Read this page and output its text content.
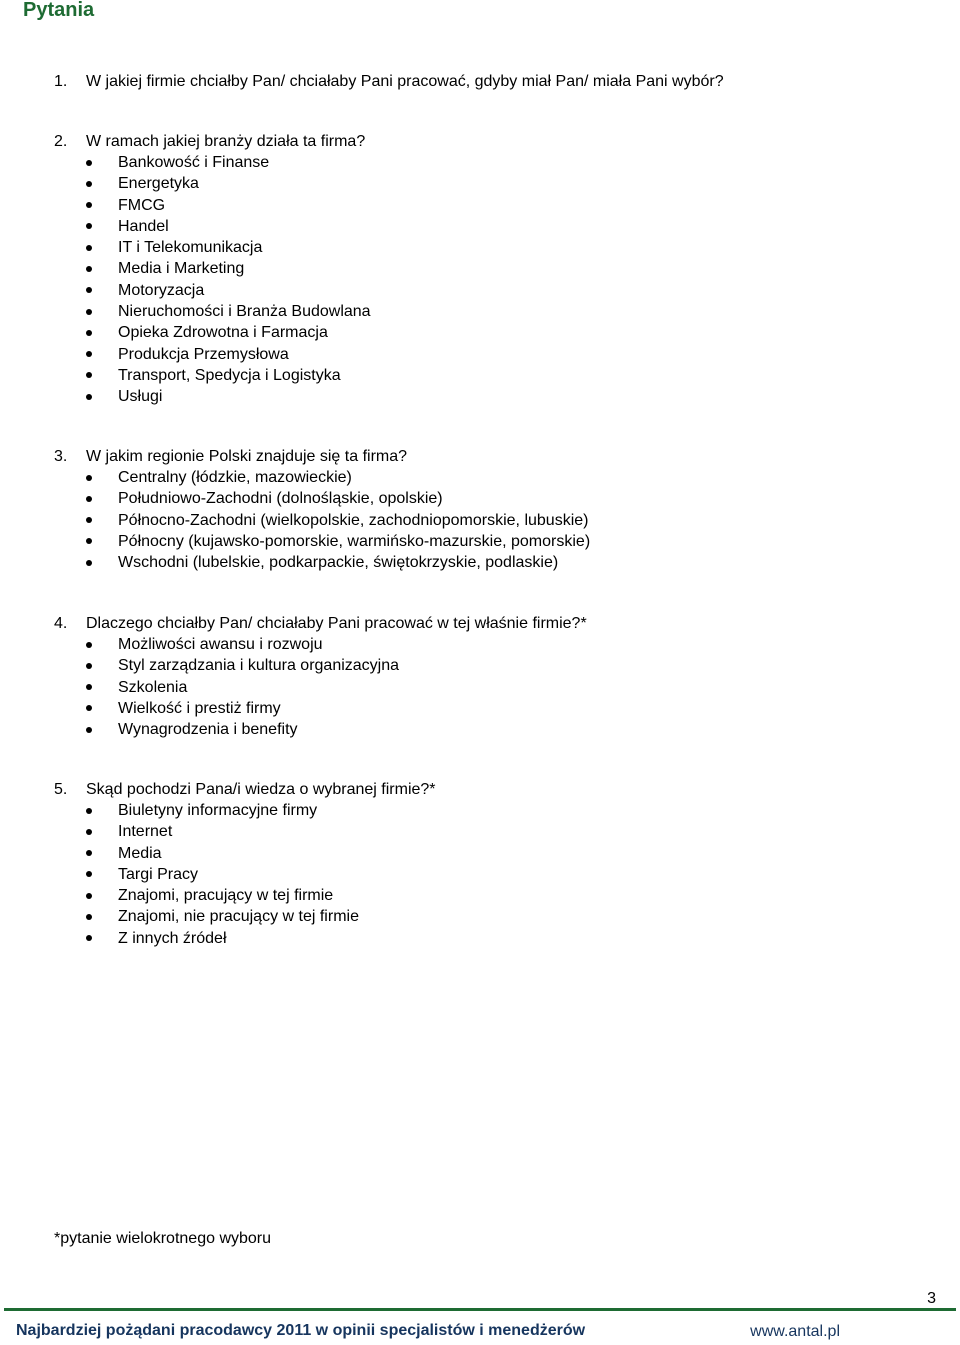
Pytania
1. W jakiej firmie chciałby Pan/ chciałaby Pani pracować, gdyby miał Pan/ miała Pani wybór?
2. W ramach jakiej branży działa ta firma?
Bankowość i Finanse
Energetyka
FMCG
Handel
IT i Telekomunikacja
Media i Marketing
Motoryzacja
Nieruchomości i Branża Budowlana
Opieka Zdrowotna i Farmacja
Produkcja Przemysłowa
Transport, Spedycja i Logistyka
Usługi
3. W jakim regionie Polski znajduje się ta firma?
Centralny (łódzkie, mazowieckie)
Południowo-Zachodni (dolnośląskie, opolskie)
Północno-Zachodni (wielkopolskie, zachodniopomorskie, lubuskie)
Północny (kujawsko-pomorskie, warmińsko-mazurskie, pomorskie)
Wschodni (lubelskie, podkarpackie, świętokrzyskie, podlaskie)
4. Dlaczego chciałby Pan/ chciałaby Pani pracować w tej właśnie firmie?*
Możliwości awansu i rozwoju
Styl zarządzania i kultura organizacyjna
Szkolenia
Wielkość i prestiż firmy
Wynagrodzenia i benefity
5. Skąd pochodzi Pana/i wiedza o wybranej firmie?*
Biuletyny informacyjne firmy
Internet
Media
Targi Pracy
Znajomi, pracujący w tej firmie
Znajomi, nie pracujący w tej firmie
Z innych źródeł
*pytanie wielokrotnego wyboru
3
Najbardziej pożądani pracodawcy 2011 w opinii specjalistów i menedżerów	www.antal.pl
